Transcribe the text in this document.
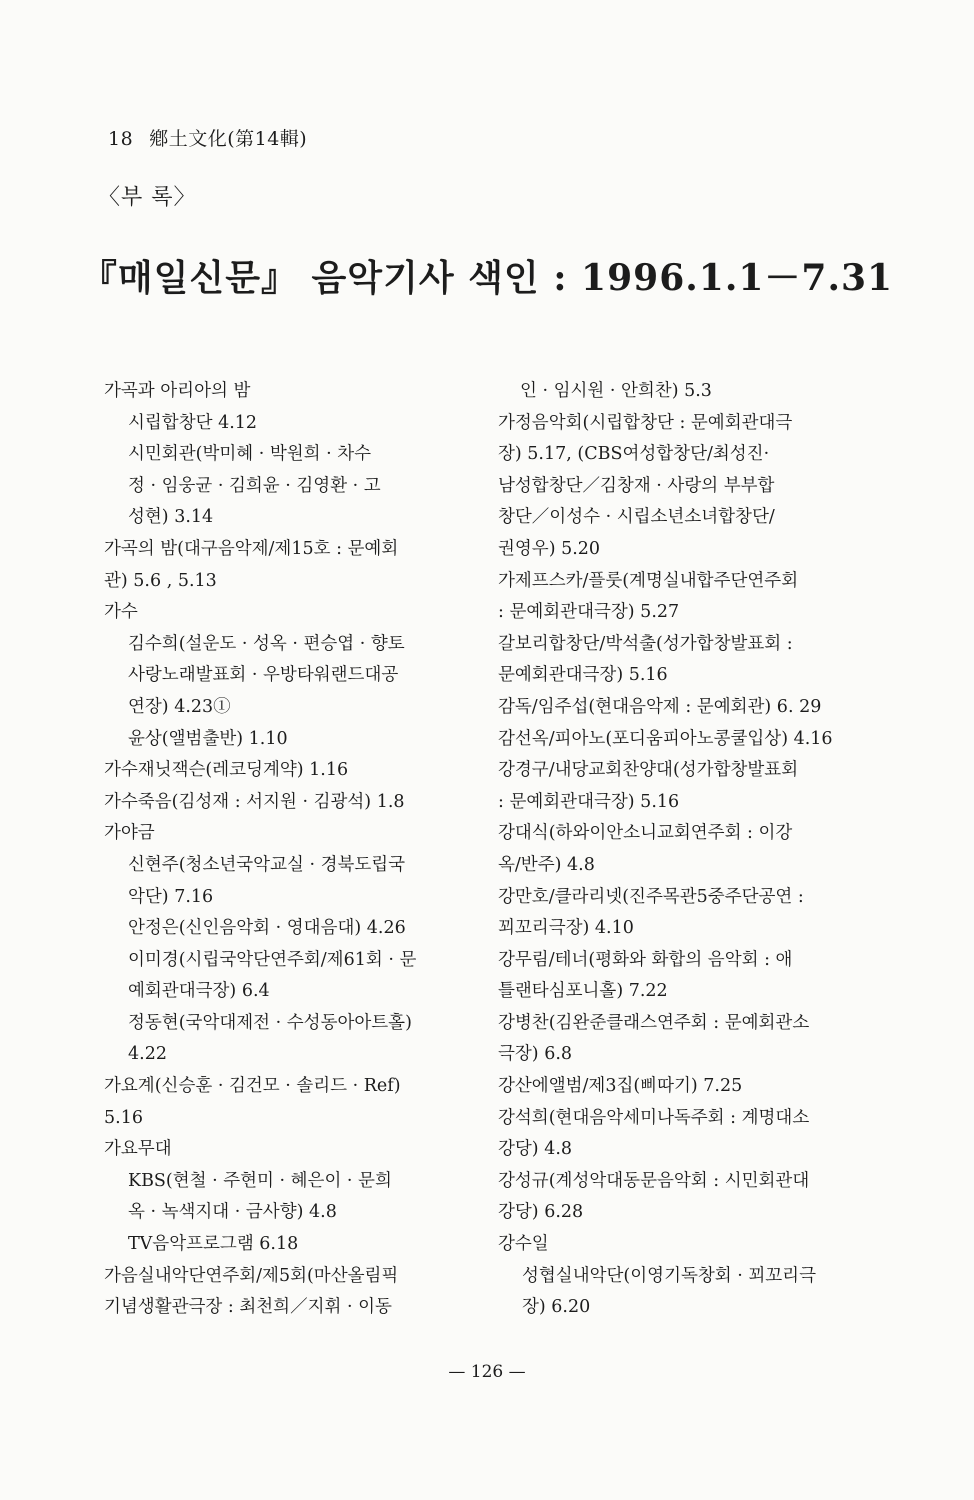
18 鄕土文化(第14輯)
〈부 록〉
『매일신문』 음악기사 색인 : 1996.1.1－7.31
가곡과 아리아의 밤
시립합창단 4.12
시민회관(박미혜 · 박원희 · 차수
정 · 임웅균 · 김희윤 · 김영환 · 고
성현) 3.14
가곡의 밤(대구음악제/제15호 : 문예회
관) 5.6 , 5.13
가수
김수희(설운도 · 성옥 · 편승엽 · 향토
사랑노래발표회 · 우방타워랜드대공
연장) 4.23①
윤상(앨범출반) 1.10
가수재닛잭슨(레코딩계약) 1.16
가수죽음(김성재 : 서지원 · 김광석) 1.8
가야금
신현주(청소년국악교실 · 경북도립국
악단) 7.16
안정은(신인음악회 · 영대음대) 4.26
이미경(시립국악단연주회/제61회 · 문
예회관대극장) 6.4
정동현(국악대제전 · 수성동아아트홀)
4.22
가요계(신승훈 · 김건모 · 솔리드 · Ref)
5.16
가요무대
KBS(현철 · 주현미 · 혜은이 · 문희
옥 · 녹색지대 · 금사향) 4.8
TV음악프로그램 6.18
가음실내악단연주회/제5회(마산올림픽
기념생활관극장 : 최천희／지휘 · 이동
인 · 임시원 · 안희찬) 5.3
가정음악회(시립합창단 : 문예회관대극
장) 5.17, (CBS여성합창단/최성진·
남성합창단／김창재 · 사랑의 부부합
창단／이성수 · 시립소년소녀합창단/
권영우) 5.20
가제프스카/플룻(계명실내합주단연주회
: 문예회관대극장) 5.27
갈보리합창단/박석출(성가합창발표회 :
문예회관대극장) 5.16
감독/임주섭(현대음악제 : 문예회관) 6. 29
감선옥/피아노(포디움피아노콩쿨입상) 4.16
강경구/내당교회찬양대(성가합창발표회
: 문예회관대극장) 5.16
강대식(하와이안소니교회연주회 : 이강
옥/반주) 4.8
강만호/클라리넷(진주목관5중주단공연 :
꾀꼬리극장) 4.10
강무림/테너(평화와 화합의 음악회 : 애
틀랜타심포니홀) 7.22
강병찬(김완준클래스연주회 : 문예회관소
극장) 6.8
강산에앨범/제3집(삐따기) 7.25
강석희(현대음악세미나독주회 : 계명대소
강당) 4.8
강성규(계성악대동문음악회 : 시민회관대
강당) 6.28
강수일
성협실내악단(이영기독창회 · 꾀꼬리극
장) 6.20
— 126 —
